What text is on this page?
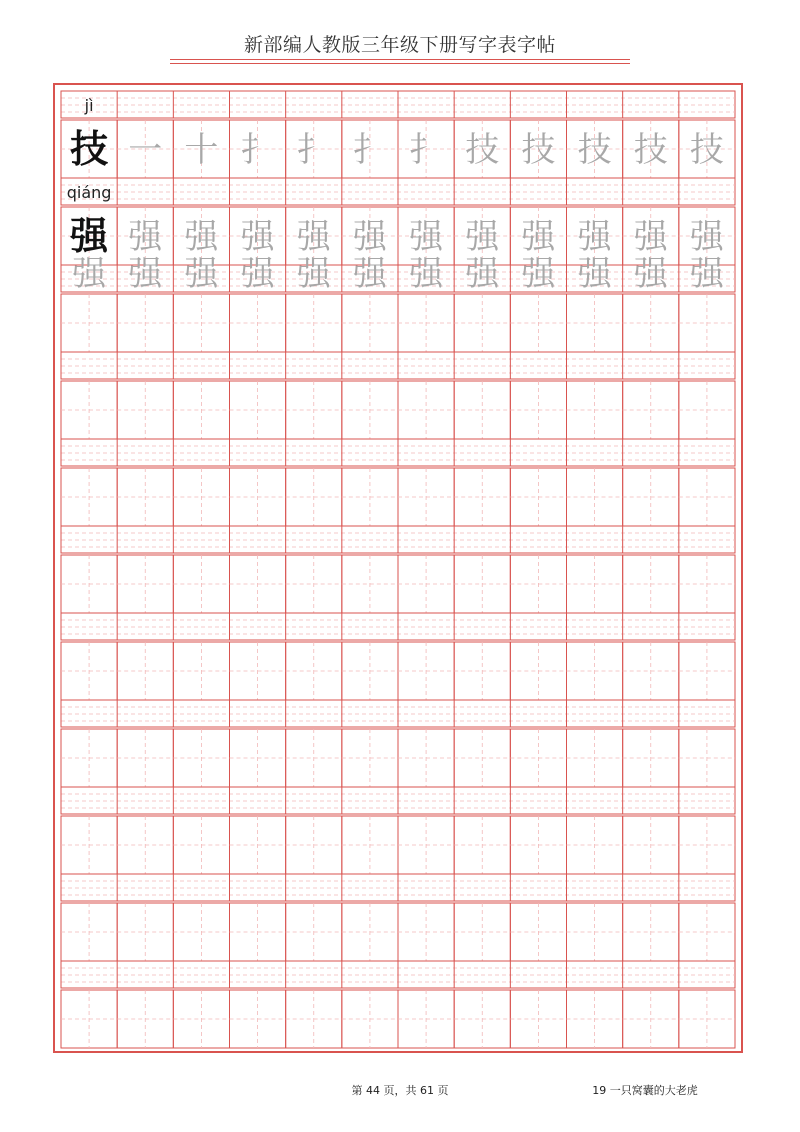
新部编人教版三年级下册写字表字帖
jì
技 一 十 扌 扌 扌 扌 技 技 技 技 技
qiáng
强 强 强 强 强 强 强 强 强 强 强 强
强 强 强 强 强 强 强 强 强 强 强 强
第 44 页，共 61 页	19 一只窝囊的大老虎
